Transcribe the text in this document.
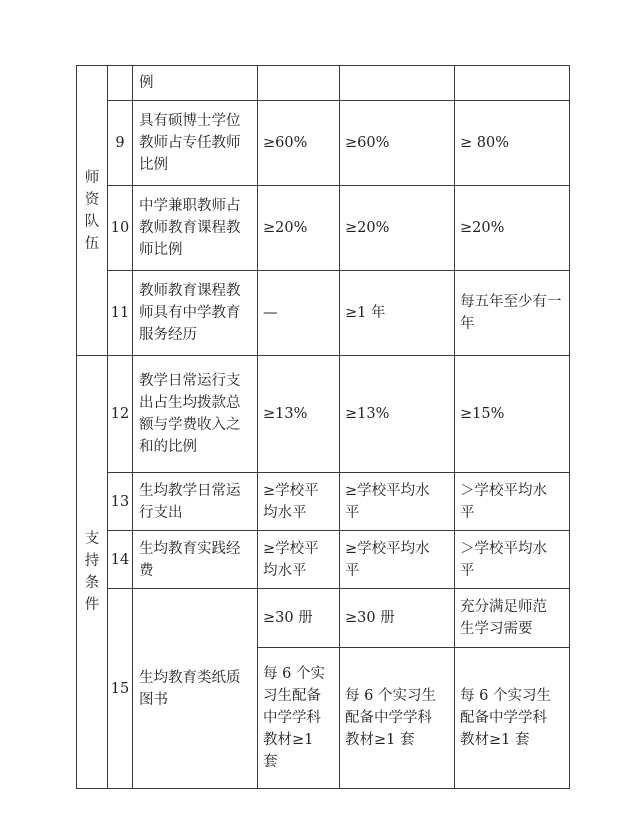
师资队伍		例			
	9	具有硕博士学位
教师占专任教师
比例	≥60%	≥60%	≥ 80%
	10	中学兼职教师占
教师教育课程教
师比例	≥20%	≥20%	≥20%
	11	教师教育课程教
师具有中学教育
服务经历	—	≥1 年	每五年至少有一
年
支持条件	12	教学日常运行支
出占生均拨款总
额与学费收入之
和的比例	≥13%	≥13%	≥15%
	13	生均教学日常运
行支出	≥学校平
均水平	≥学校平均水
平	＞学校平均水
平
	14	生均教育实践经
费	≥学校平
均水平	≥学校平均水
平	＞学校平均水
平
	15	生均教育类纸质
图书	≥30 册	≥30 册	充分满足师范
生学习需要
			每 6 个实
习生配备
中学学科
教材≥1
套	每 6 个实习生
配备中学学科
教材≥1 套	每 6 个实习生
配备中学学科
教材≥1 套
